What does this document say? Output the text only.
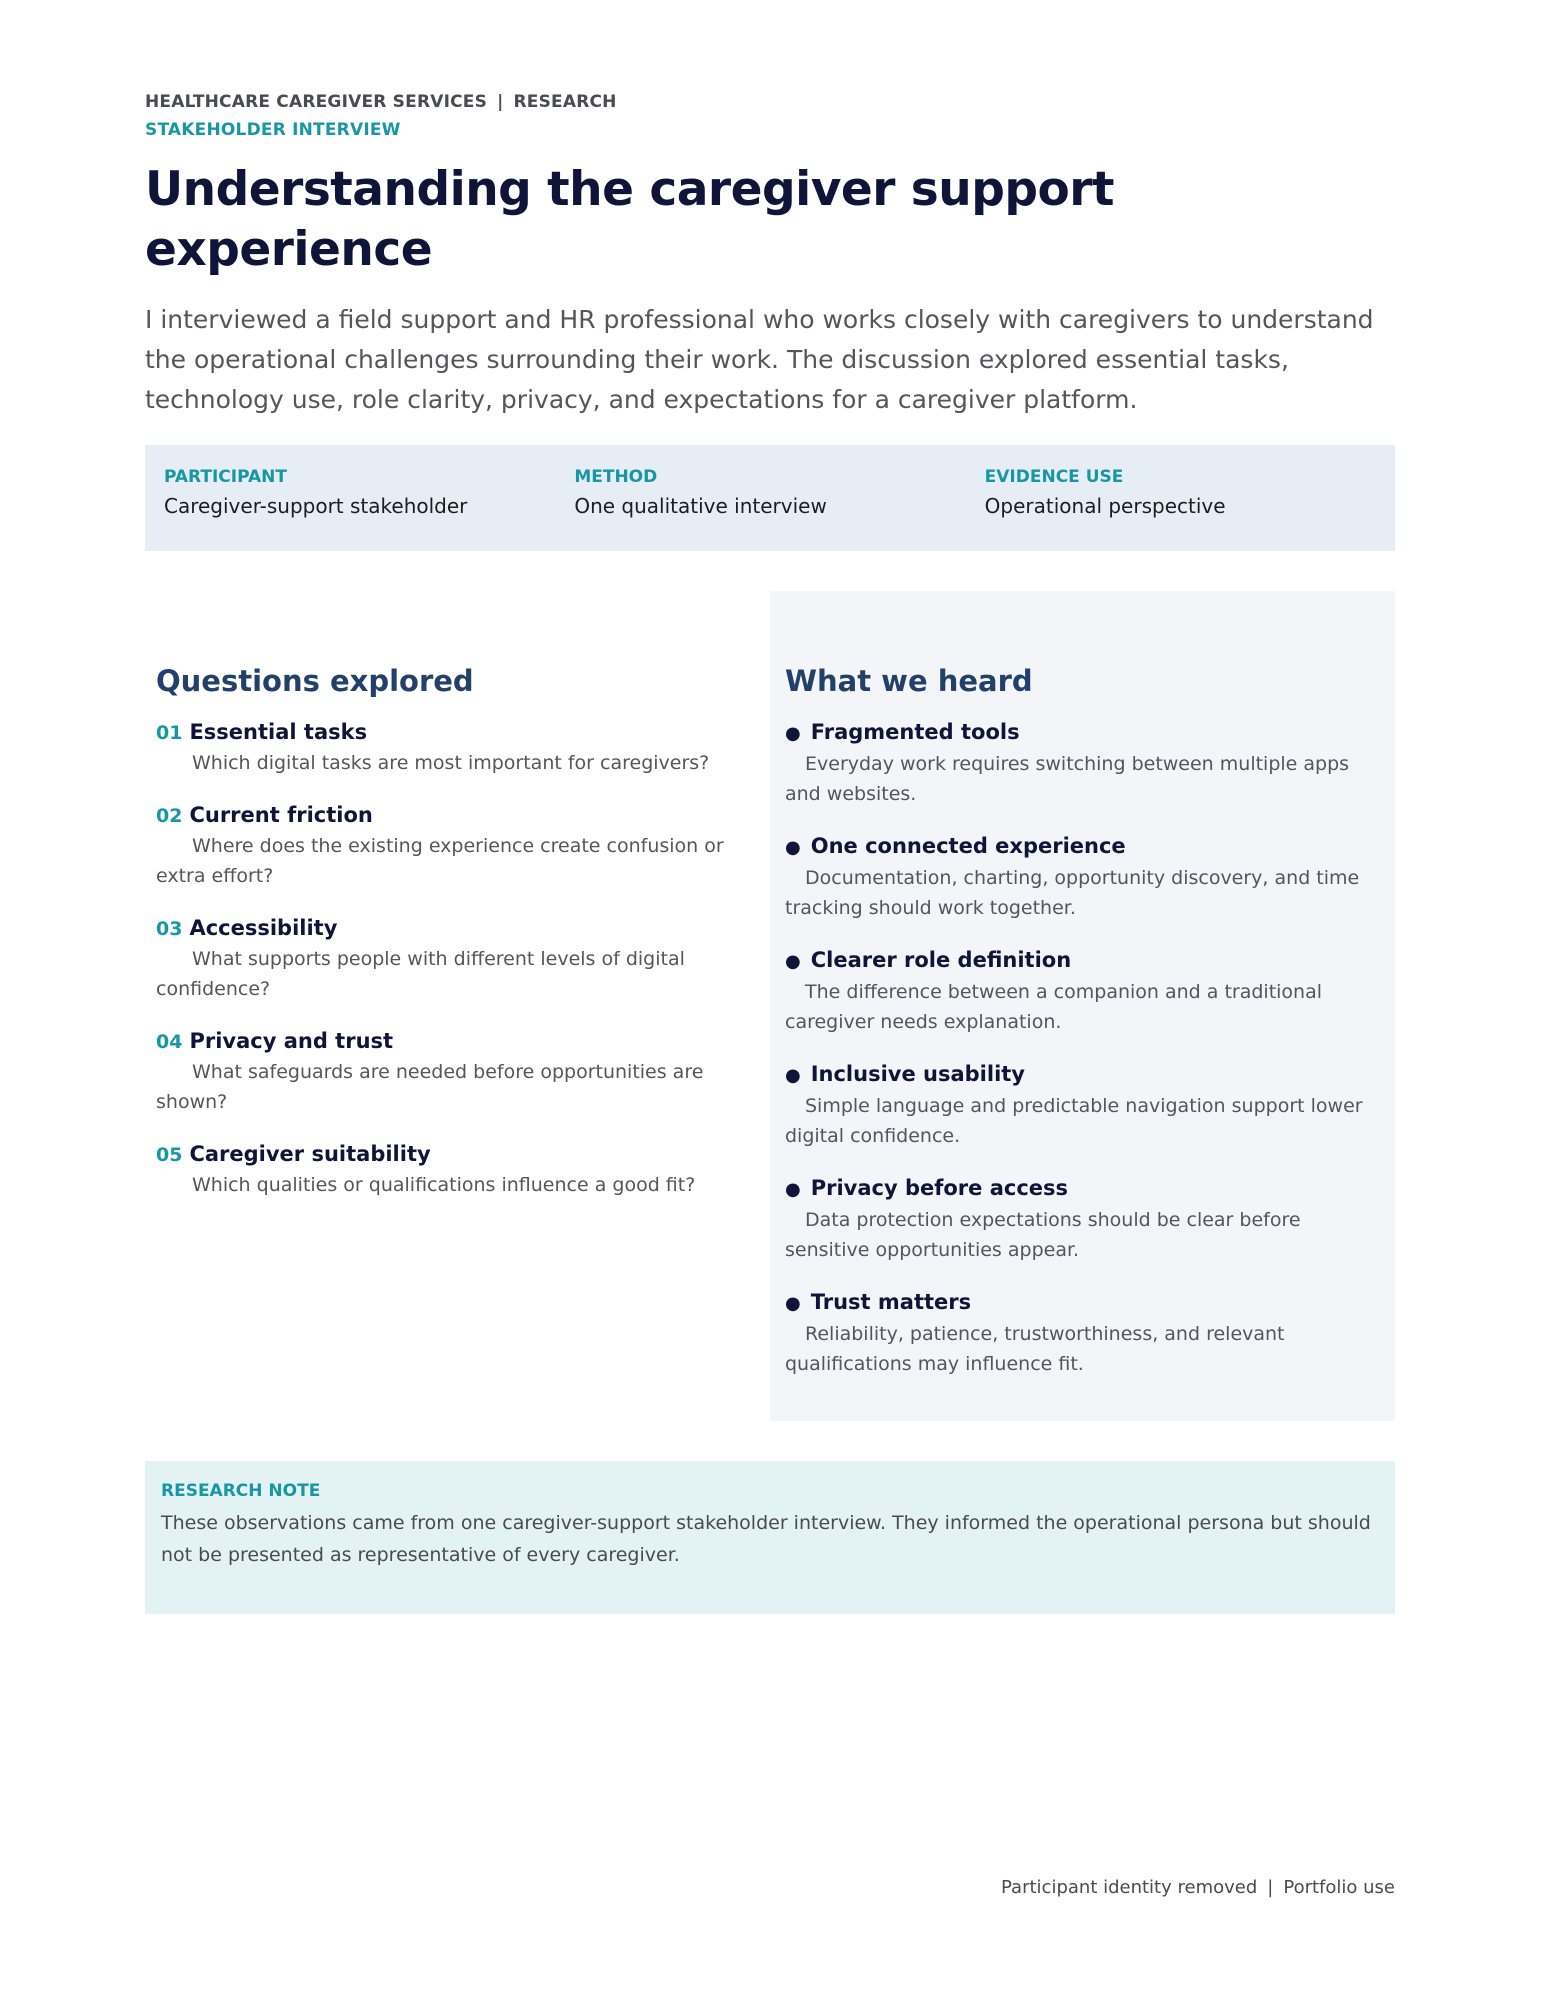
HEALTHCARE CAREGIVER SERVICES | RESEARCH
STAKEHOLDER INTERVIEW
Understanding the caregiver support experience
I interviewed a field support and HR professional who works closely with caregivers to understand the operational challenges surrounding their work. The discussion explored essential tasks, technology use, role clarity, privacy, and expectations for a caregiver platform.
PARTICIPANT
Caregiver-support stakeholder
METHOD
One qualitative interview
EVIDENCE USE
Operational perspective
Questions explored
01 Essential tasks
Which digital tasks are most important for caregivers?
02 Current friction
Where does the existing experience create confusion or extra effort?
03 Accessibility
What supports people with different levels of digital confidence?
04 Privacy and trust
What safeguards are needed before opportunities are shown?
05 Caregiver suitability
Which qualities or qualifications influence a good fit?
What we heard
● Fragmented tools
Everyday work requires switching between multiple apps and websites.
● One connected experience
Documentation, charting, opportunity discovery, and time tracking should work together.
● Clearer role definition
The difference between a companion and a traditional caregiver needs explanation.
● Inclusive usability
Simple language and predictable navigation support lower digital confidence.
● Privacy before access
Data protection expectations should be clear before sensitive opportunities appear.
● Trust matters
Reliability, patience, trustworthiness, and relevant qualifications may influence fit.
RESEARCH NOTE
These observations came from one caregiver-support stakeholder interview. They informed the operational persona but should not be presented as representative of every caregiver.
Participant identity removed | Portfolio use
